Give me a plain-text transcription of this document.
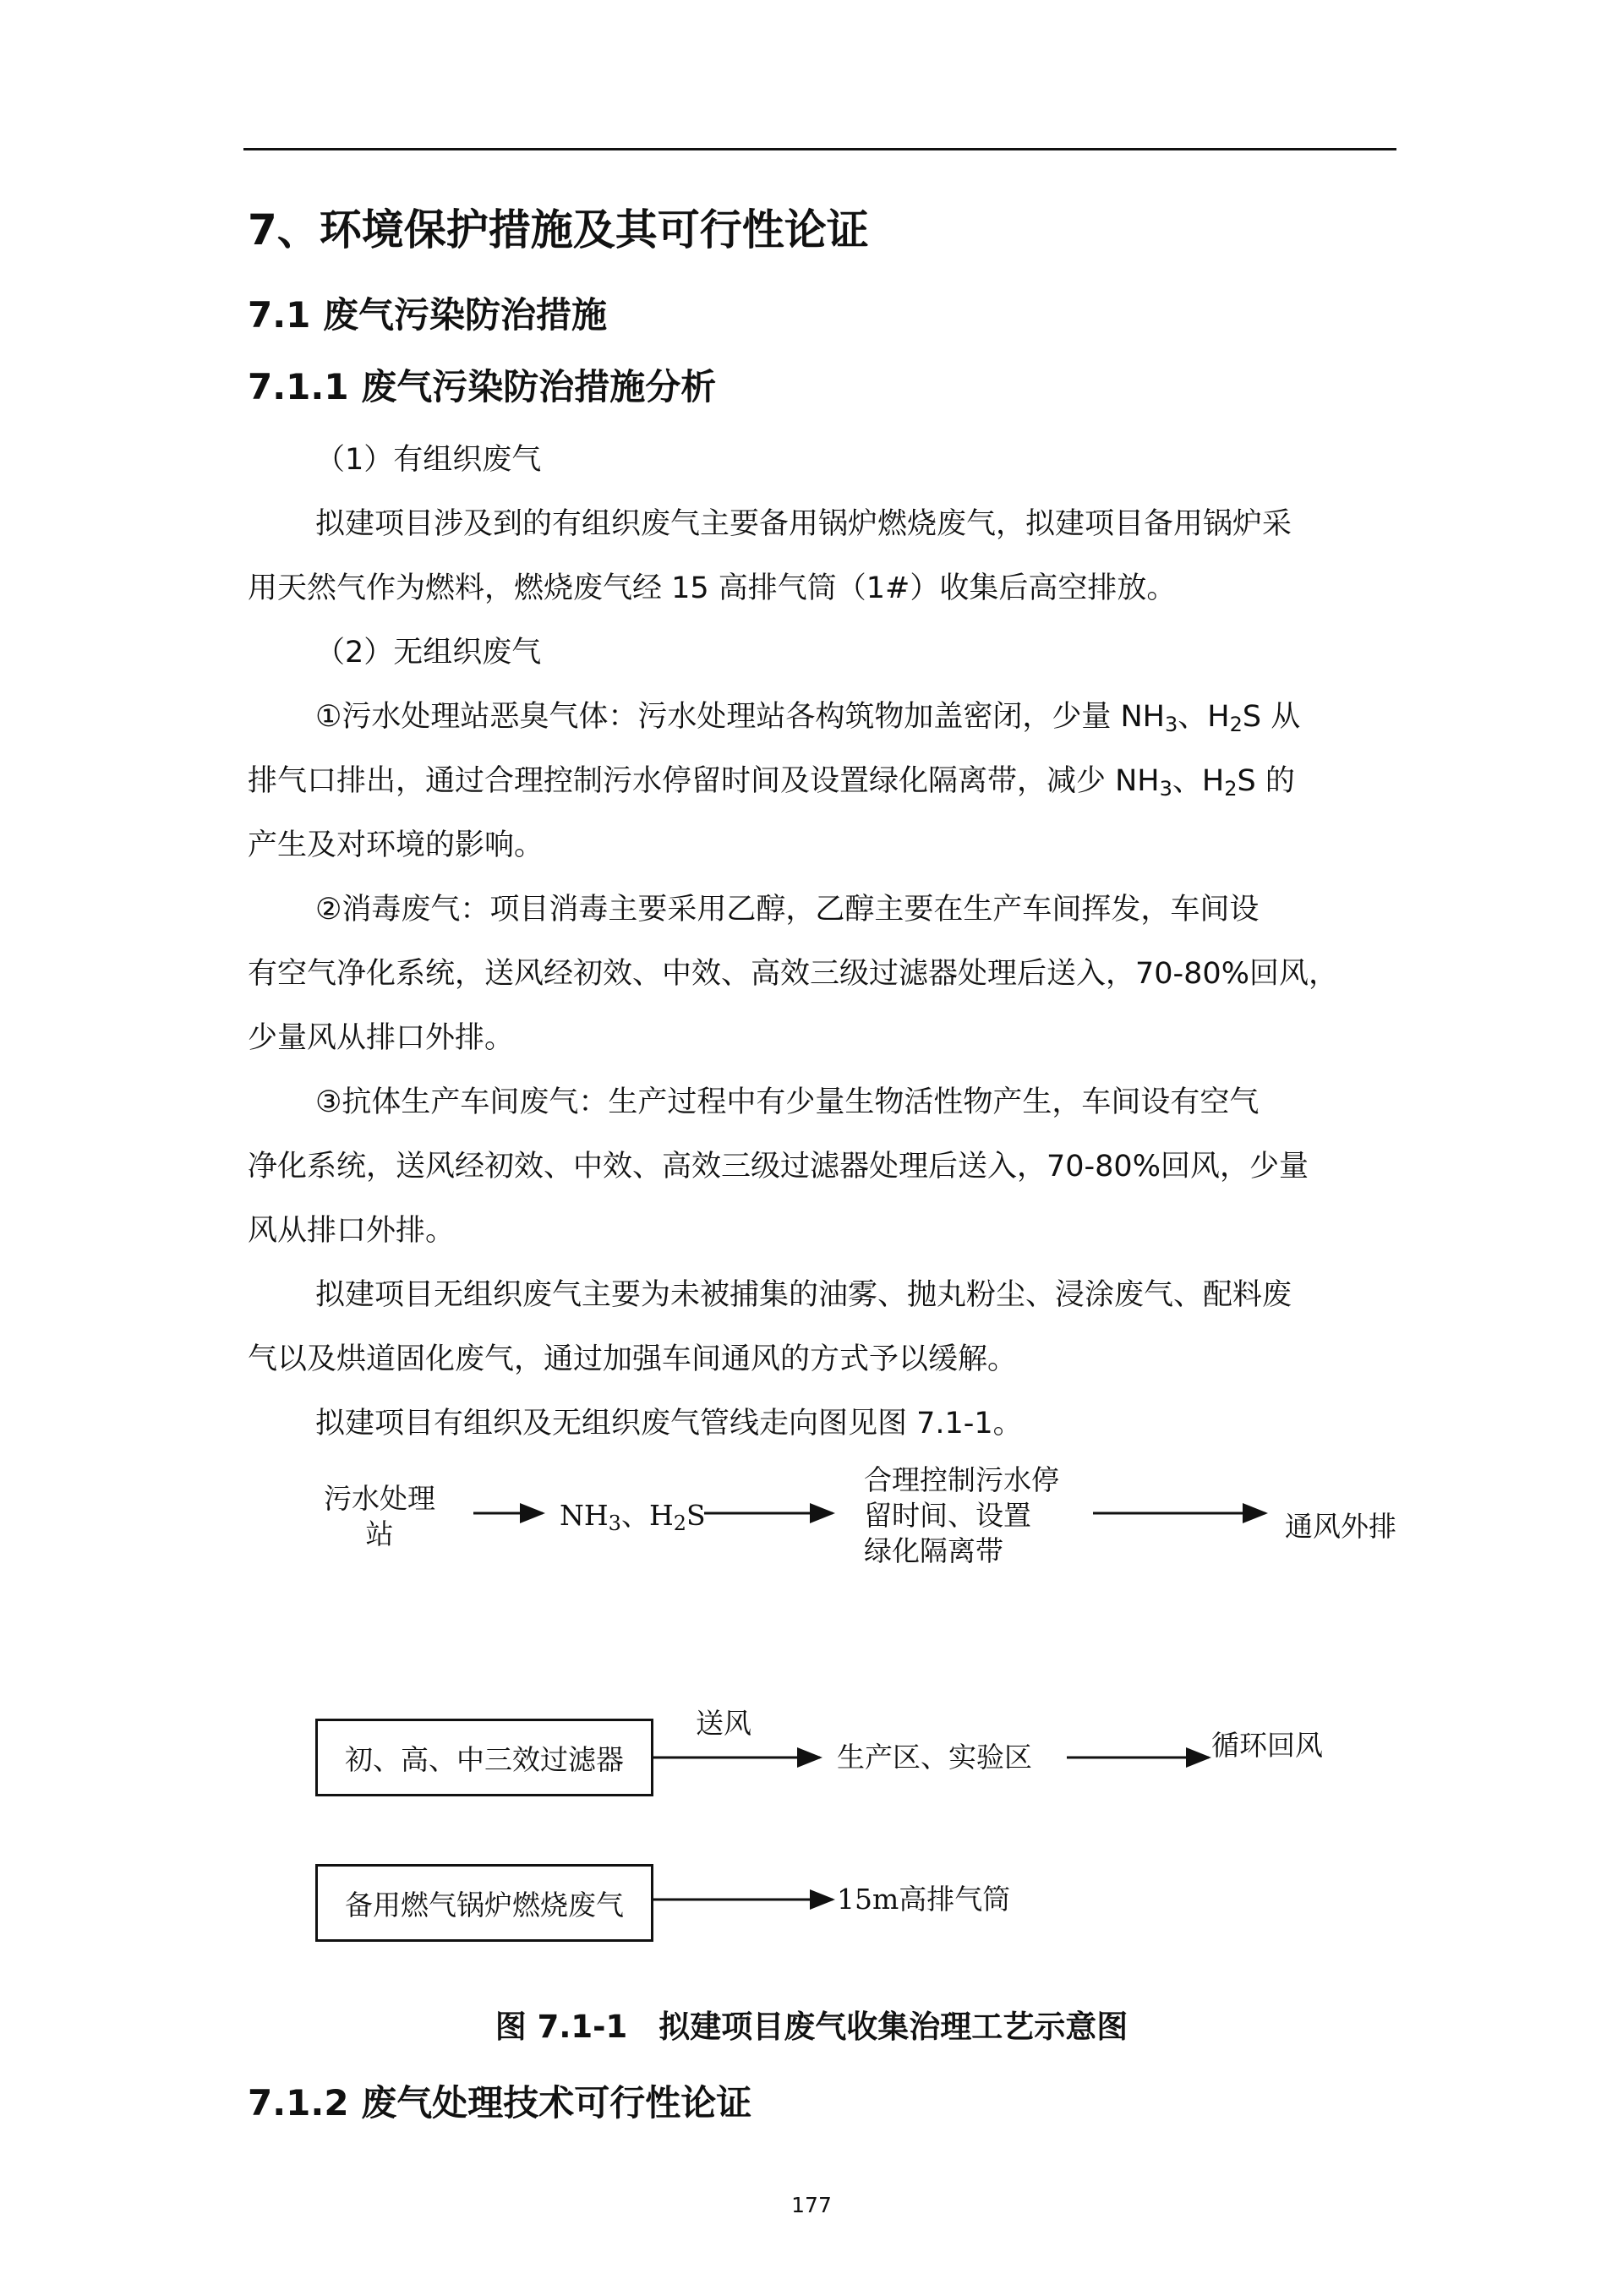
7、环境保护措施及其可行性论证
7.1 废气污染防治措施
7.1.1 废气污染防治措施分析

（1）有组织废气

拟建项目涉及到的有组织废气主要备用锅炉燃烧废气，拟建项目备用锅炉采
用天然气作为燃料，燃烧废气经 15 高排气筒（1#）收集后高空排放。

（2）无组织废气

①污水处理站恶臭气体：污水处理站各构筑物加盖密闭，少量 $NH_3$、$H_2S$ 从
排气口排出，通过合理控制污水停留时间及设置绿化隔离带，减少 $NH_3$、$H_2S$ 的
产生及对环境的影响。

②消毒废气：项目消毒主要采用乙醇，乙醇主要在生产车间挥发，车间设
有空气净化系统，送风经初效、中效、高效三级过滤器处理后送入，70-80%回风，
少量风从排口外排。

③抗体生产车间废气：生产过程中有少量生物活性物产生，车间设有空气
净化系统，送风经初效、中效、高效三级过滤器处理后送入，70-80%回风，少量
风从排口外排。

拟建项目无组织废气主要为未被捕集的油雾、抛丸粉尘、浸涂废气、配料废
气以及烘道固化废气，通过加强车间通风的方式予以缓解。

拟建项目有组织及无组织废气管线走向图见图 7.1-1。

污水处理
站
$NH_3$、$H_2S$
合理控制污水停
留时间、设置
绿化隔离带
通风外排
初、高、中三效过滤器
送风
生产区、实验区	循环回风
备用燃气锅炉燃烧废气	15m高排气筒
图 7.1-1　拟建项目废气收集治理工艺示意图
7.1.2 废气处理技术可行性论证
177
